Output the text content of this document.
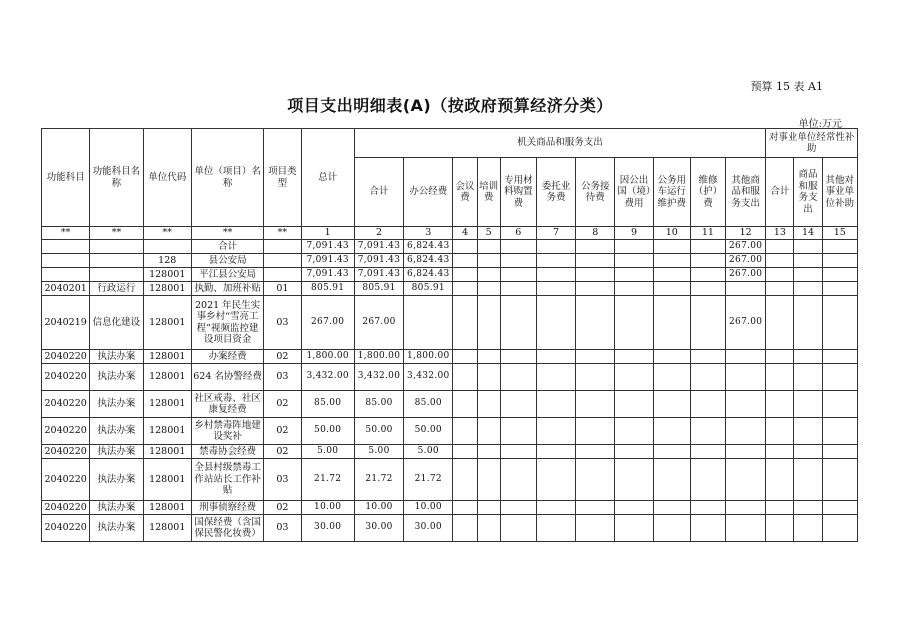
预算 15 表 A1
项目支出明细表(A)（按政府预算经济分类）
单位:万元
功能科目	功能科目名称	单位代码	单位（项目）名称	项目类型	总计	机关商品和服务支出											对事业单位经常性补助		
						合计	办公经费	会议费	培训费	专用材料购置费	委托业务费	公务接待费	因公出国（境）费用	公务用车运行维护费	维修（护）费	其他商品和服务支出	合计	商品和服务支出	其他对事业单位补助

**	**	**	**	**	1	2	3	4	5	6	7	8	9	10	11	12	13	14	15
			合计		7,091.43	7,091.43	6,824.43									267.00			
		128	县公安局		7,091.43	7,091.43	6,824.43									267.00			
		128001	平江县公安局		7,091.43	7,091.43	6,824.43									267.00			
2040201	行政运行	128001	执勤、加班补贴	01	805.91	805.91	805.91												
2040219	信息化建设	128001	2021 年民生实事乡村“雪亮工程”视频监控建设项目资金	03	267.00	267.00										267.00			
2040220	执法办案	128001	办案经费	02	1,800.00	1,800.00	1,800.00												
2040220	执法办案	128001	624 名协警经费	03	3,432.00	3,432.00	3,432.00												
2040220	执法办案	128001	社区戒毒、社区康复经费	02	85.00	85.00	85.00												
2040220	执法办案	128001	乡村禁毒阵地建设奖补	02	50.00	50.00	50.00												
2040220	执法办案	128001	禁毒协会经费	02	5.00	5.00	5.00												
2040220	执法办案	128001	全县村级禁毒工作站站长工作补贴	03	21.72	21.72	21.72												
2040220	执法办案	128001	刑事侦察经费	02	10.00	10.00	10.00												
2040220	执法办案	128001	国保经费（含国保民警化妆费）	03	30.00	30.00	30.00												
